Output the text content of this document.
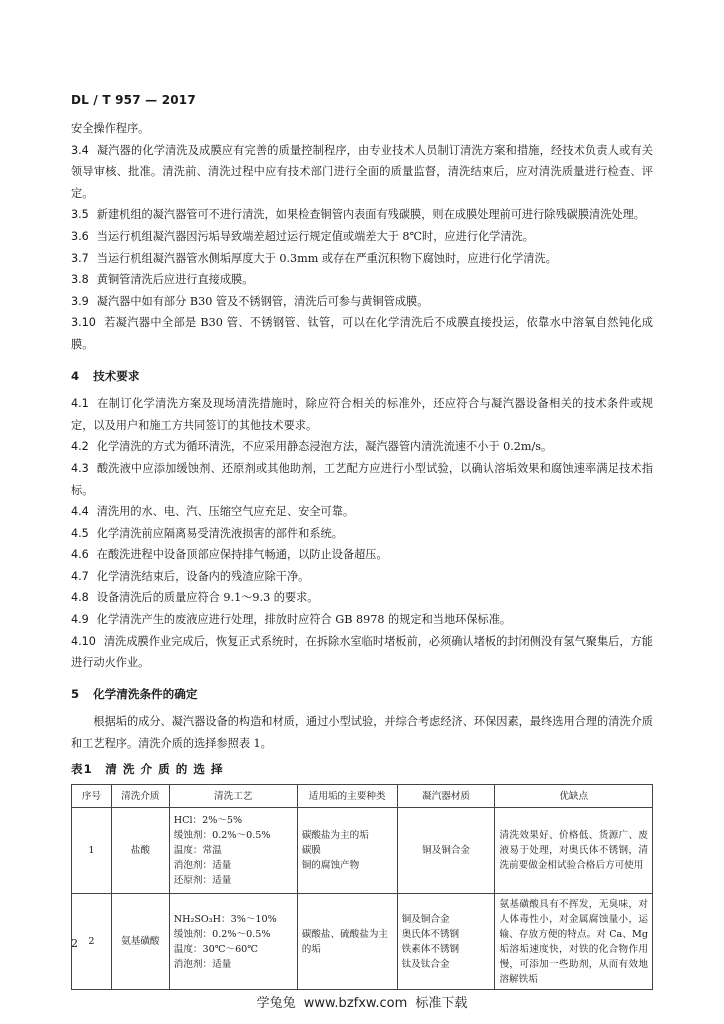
DL / T 957 — 2017

安全操作程序。

3.4 凝汽器的化学清洗及成膜应有完善的质量控制程序，由专业技术人员制订清洗方案和措施，经技术负责人或有关领导审核、批准。清洗前、清洗过程中应有技术部门进行全面的质量监督，清洗结束后，应对清洗质量进行检查、评定。

3.5 新建机组的凝汽器管可不进行清洗，如果检查铜管内表面有残碳膜，则在成膜处理前可进行除残碳膜清洗处理。

3.6 当运行机组凝汽器因污垢导致端差超过运行规定值或端差大于 8℃时，应进行化学清洗。

3.7 当运行机组凝汽器管水侧垢厚度大于 0.3mm 或存在严重沉积物下腐蚀时，应进行化学清洗。

3.8 黄铜管清洗后应进行直接成膜。

3.9 凝汽器中如有部分 B30 管及不锈钢管，清洗后可参与黄铜管成膜。

3.10 若凝汽器中全部是 B30 管、不锈钢管、钛管，可以在化学清洗后不成膜直接投运，依靠水中溶氧自然钝化成膜。

4 技术要求

4.1 在制订化学清洗方案及现场清洗措施时，除应符合相关的标准外，还应符合与凝汽器设备相关的技术条件或规定，以及用户和施工方共同签订的其他技术要求。

4.2 化学清洗的方式为循环清洗，不应采用静态浸泡方法，凝汽器管内清洗流速不小于 0.2m/s。

4.3 酸洗液中应添加缓蚀剂、还原剂或其他助剂，工艺配方应进行小型试验，以确认溶垢效果和腐蚀速率满足技术指标。

4.4 清洗用的水、电、汽、压缩空气应充足、安全可靠。

4.5 化学清洗前应隔离易受清洗液损害的部件和系统。

4.6 在酸洗进程中设备顶部应保持排气畅通，以防止设备超压。

4.7 化学清洗结束后，设备内的残渣应除干净。

4.8 设备清洗后的质量应符合 9.1～9.3 的要求。

4.9 化学清洗产生的废液应进行处理，排放时应符合 GB 8978 的规定和当地环保标准。

4.10 清洗成膜作业完成后，恢复正式系统时，在拆除水室临时堵板前，必须确认堵板的封闭侧没有氢气聚集后，方能进行动火作业。

5 化学清洗条件的确定

根据垢的成分、凝汽器设备的构造和材质，通过小型试验，并综合考虑经济、环保因素，最终选用合理的清洗介质和工艺程序。清洗介质的选择参照表 1。

表1　清 洗 介 质 的 选 择

序号	清洗介质	清洗工艺	适用垢的主要种类	凝汽器材质	优缺点
1	盐酸	HCl：2%～5%
缓蚀剂：0.2%～0.5%
温度：常温
消泡剂：适量
还原剂：适量	碳酸盐为主的垢
碳膜
铜的腐蚀产物	铜及铜合金	清洗效果好、价格低、货源广、废液易于处理，对奥氏体不锈钢，清洗前要做金相试验合格后方可使用
2	氨基磺酸	NH₂SO₃H：3%～10%
缓蚀剂：0.2%～0.5%
温度：30℃～60℃
消泡剂：适量	碳酸盐、硫酸盐为主的垢	铜及铜合金
奥氏体不锈钢
铁素体不锈钢
钛及钛合金	氨基磺酸具有不挥发，无臭味，对人体毒性小，对金属腐蚀量小，运输、存放方便的特点。对 Ca、Mg 垢溶垢速度快，对铁的化合物作用慢，可添加一些助剂，从而有效地溶解铁垢
2
学兔兔 www.bzfxw.com 标准下载
